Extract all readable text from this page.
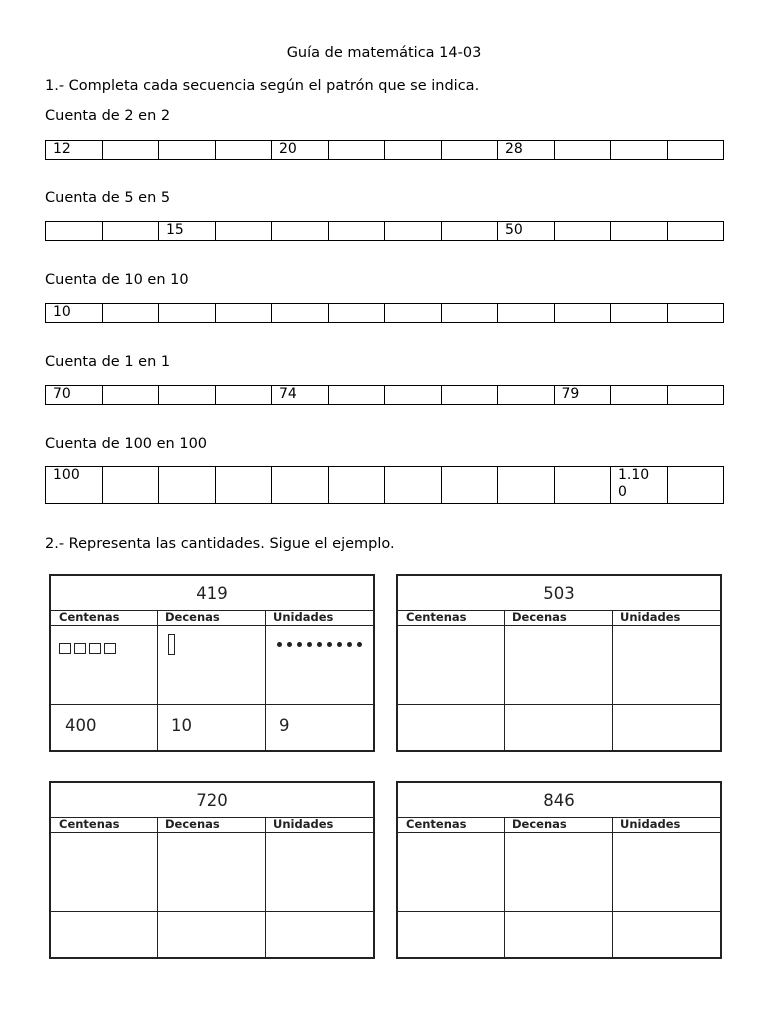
Guía de matemática 14-03
1.- Completa cada secuencia según el patrón que se indica.
Cuenta de 2 en 2
12				20				28			
Cuenta de 5 en 5
		15						50			
Cuenta de 10 en 10
10											
Cuenta de 1 en 1
70				74					79		
Cuenta de 100 en 100
100										1.10
0	
2.- Representa las cantidades. Sigue el ejemplo.
419
Centenas	Decenas	Unidades
400	10	9
503
Centenas	Decenas	Unidades
720
Centenas	Decenas	Unidades
846
Centenas	Decenas	Unidades
